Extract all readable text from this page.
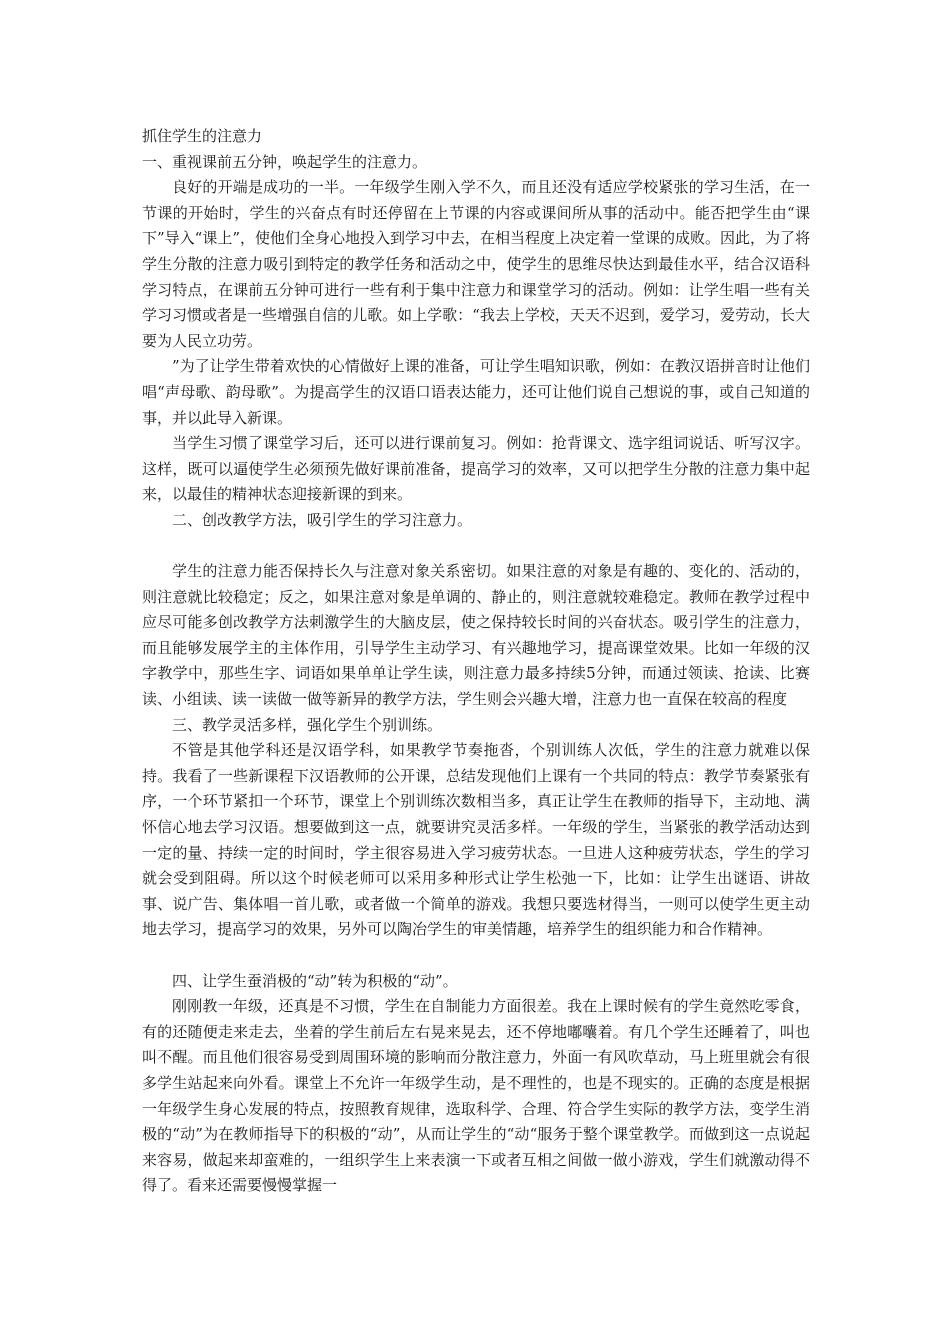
抓住学生的注意力

一、重视课前五分钟，唤起学生的注意力。

良好的开端是成功的一半。一年级学生刚入学不久，而且还没有适应学校紧张的学习生活，在一节课的开始时，学生的兴奋点有时还停留在上节课的内容或课间所从事的活动中。能否把学生由“课下”导入“课上”，使他们全身心地投入到学习中去，在相当程度上决定着一堂课的成败。因此，为了将学生分散的注意力吸引到特定的教学任务和活动之中，使学生的思维尽快达到最佳水平，结合汉语科学习特点，在课前五分钟可进行一些有利于集中注意力和课堂学习的活动。例如：让学生唱一些有关学习习惯或者是一些增强自信的儿歌。如上学歌：“我去上学校，天天不迟到，爱学习，爱劳动，长大要为人民立功劳。

”为了让学生带着欢快的心情做好上课的准备，可让学生唱知识歌，例如：在教汉语拼音时让他们唱“声母歌、韵母歌”。为提高学生的汉语口语表达能力，还可让他们说自己想说的事，或自己知道的事，并以此导入新课。

当学生习惯了课堂学习后，还可以进行课前复习。例如：抢背课文、选字组词说话、听写汉字。这样，既可以逼使学生必须预先做好课前准备，提高学习的效率，又可以把学生分散的注意力集中起来，以最佳的精神状态迎接新课的到来。

二、创改教学方法，吸引学生的学习注意力。

学生的注意力能否保持长久与注意对象关系密切。如果注意的对象是有趣的、变化的、活动的，则注意就比较稳定；反之，如果注意对象是单调的、静止的，则注意就较难稳定。教师在教学过程中应尽可能多创改教学方法刺激学生的大脑皮层，使之保持较长时间的兴奋状态。吸引学生的注意力，而且能够发展学主的主体作用，引导学生主动学习、有兴趣地学习，提高课堂效果。比如一年级的汉字教学中，那些生字、词语如果单单让学生读，则注意力最多持续5分钟，而通过领读、抢读、比赛读、小组读、读一读做一做等新异的教学方法，学生则会兴趣大增，注意力也一直保在较高的程度

三、教学灵活多样，强化学生个别训练。

不管是其他学科还是汉语学科，如果教学节奏拖沓，个别训练人次低，学生的注意力就难以保持。我看了一些新课程下汉语教师的公开课，总结发现他们上课有一个共同的特点：教学节奏紧张有序，一个环节紧扣一个环节，课堂上个别训练次数相当多，真正让学生在教师的指导下，主动地、满怀信心地去学习汉语。想要做到这一点，就要讲究灵活多样。一年级的学生，当紧张的教学活动达到一定的量、持续一定的时间时，学主很容易进入学习疲劳状态。一旦进人这种疲劳状态，学生的学习就会受到阻碍。所以这个时候老师可以采用多种形式让学生松弛一下，比如：让学生出谜语、讲故事、说广告、集体唱一首儿歌，或者做一个简单的游戏。我想只要选材得当，一则可以使学生更主动地去学习，提高学习的效果，另外可以陶冶学生的审美情趣，培养学生的组织能力和合作精神。

四、让学生蚕消极的“动”转为积极的“动”。

刚刚教一年级，还真是不习惯，学生在自制能力方面很差。我在上课时候有的学生竟然吃零食，有的还随便走来走去，坐着的学生前后左右晃来晃去，还不停地嘟囔着。有几个学生还睡着了，叫也叫不醒。而且他们很容易受到周围环境的影响而分散注意力，外面一有风吹草动，马上班里就会有很多学生站起来向外看。课堂上不允许一年级学生动，是不理性的，也是不现实的。正确的态度是根据一年级学生身心发展的特点，按照教育规律，选取科学、合理、符合学生实际的教学方法，变学生消极的“动”为在教师指导下的积极的“动”，从而让学生的“动“服务于整个课堂教学。而做到这一点说起来容易，做起来却蛮难的，一组织学生上来表演一下或者互相之间做一做小游戏，学生们就激动得不得了。看来还需要慢慢掌握一
